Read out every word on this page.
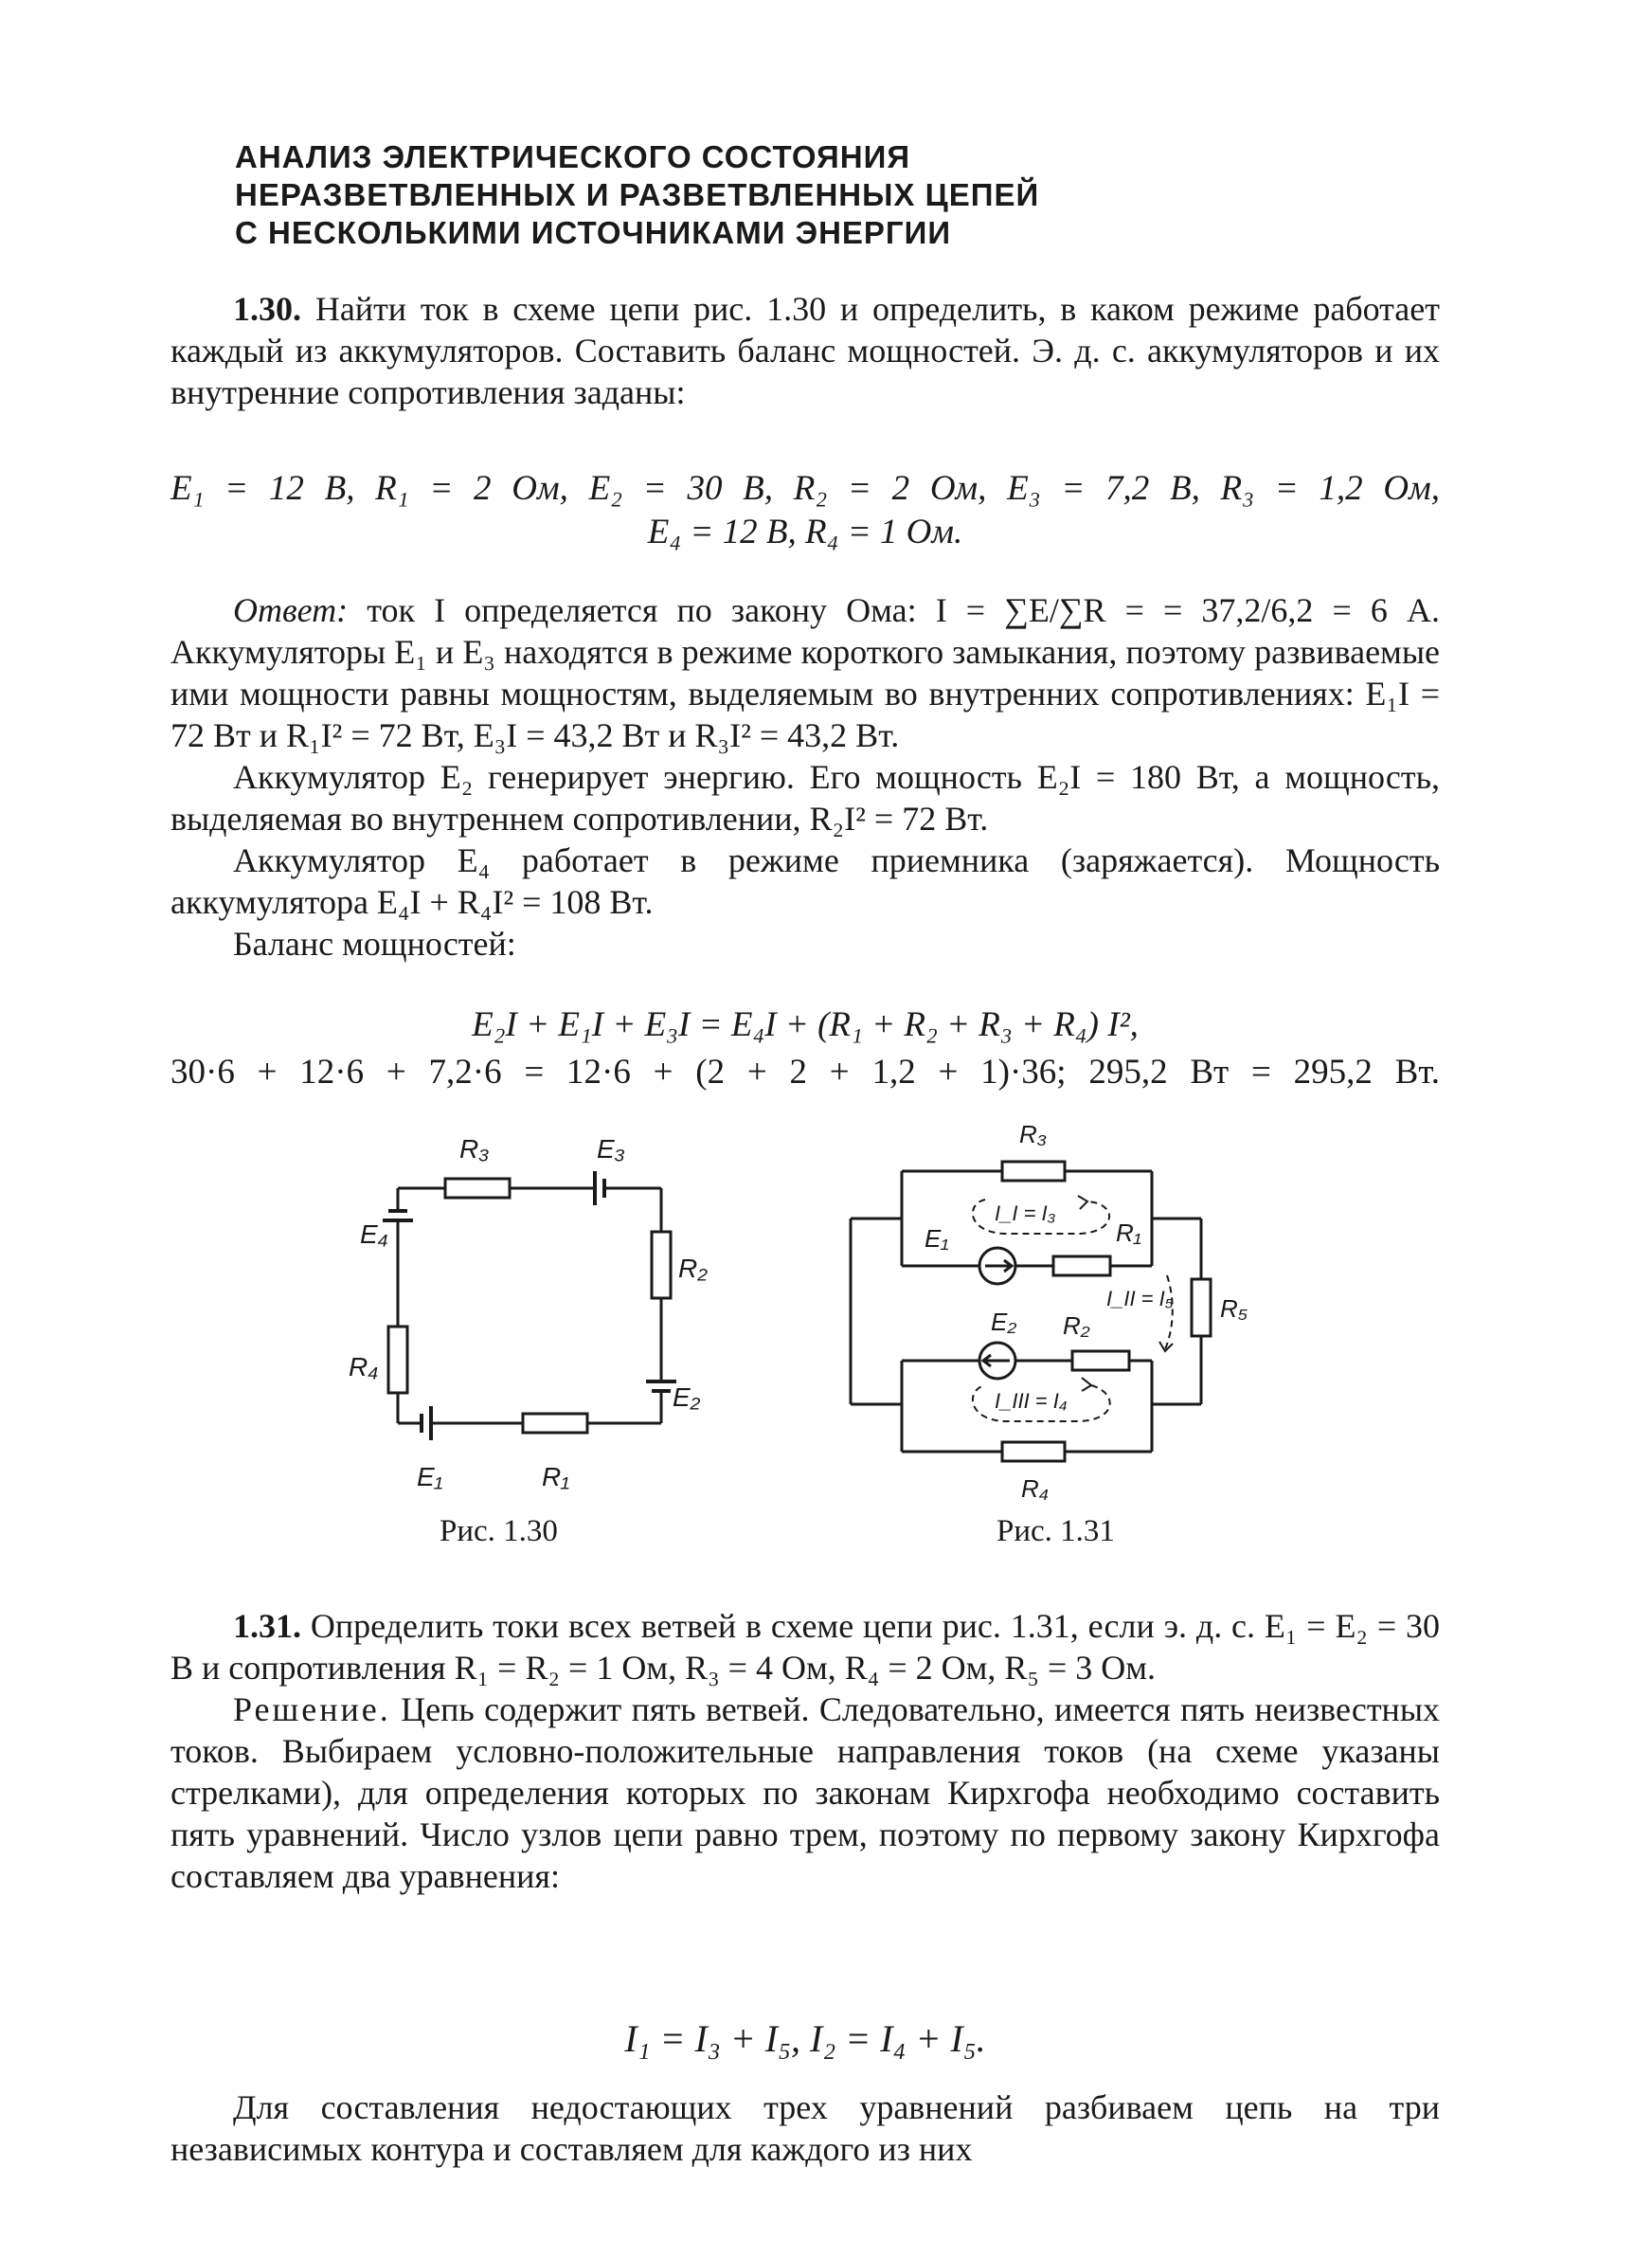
АНАЛИЗ ЭЛЕКТРИЧЕСКОГО СОСТОЯНИЯ
НЕРАЗВЕТВЛЕННЫХ И РАЗВЕТВЛЕННЫХ ЦЕПЕЙ
С НЕСКОЛЬКИМИ ИСТОЧНИКАМИ ЭНЕРГИИ

1.30. Найти ток в схеме цепи рис. 1.30 и определить, в каком режиме работает каждый из аккумуляторов. Составить баланс мощностей. Э. д. с. аккумуляторов и их внутренние сопротивления заданы:

E₁ = 12 В, R₁ = 2 Ом, E₂ = 30 В, R₂ = 2 Ом, E₃ = 7,2 В, R₃ = 1,2 Ом,
E₄ = 12 В, R₄ = 1 Ом.

Ответ: ток I определяется по закону Ома: I = ∑E/∑R = = 37,2/6,2 = 6 А. Аккумуляторы E₁ и E₃ находятся в режиме короткого замыкания, поэтому развиваемые ими мощности равны мощностям, выделяемым во внутренних сопротивлениях: E₁I = 72 Вт и R₁I² = 72 Вт, E₃I = 43,2 Вт и R₃I² = 43,2 Вт.

Аккумулятор E₂ генерирует энергию. Его мощность E₂I = 180 Вт, а мощность, выделяемая во внутреннем сопротивлении, R₂I² = 72 Вт.

Аккумулятор E₄ работает в режиме приемника (заряжается). Мощность аккумулятора E₄I + R₄I² = 108 Вт.

Баланс мощностей:

E₂I + E₁I + E₃I = E₄I + (R₁ + R₂ + R₃ + R₄) I²,
30·6 + 12·6 + 7,2·6 = 12·6 + (2 + 2 + 1,2 + 1)·36; 295,2 Вт = 295,2 Вт.
R₃	E₃
E₄
R₂
R₄
E₂
E₁	R₁
Рис. 1.30
R₃
I_I = I₃
E₁	R₁
I_II = I₅ R₅
E₂ R₂
I_III = I₄
R₄
Рис. 1.31

1.31. Определить токи всех ветвей в схеме цепи рис. 1.31, если э. д. с. E₁ = E₂ = 30 В и сопротивления R₁ = R₂ = 1 Ом, R₃ = 4 Ом, R₄ = 2 Ом, R₅ = 3 Ом.

Решение. Цепь содержит пять ветвей. Следовательно, имеется пять неизвестных токов. Выбираем условно-положительные направления токов (на схеме указаны стрелками), для определения которых по законам Кирхгофа необходимо составить пять уравнений. Число узлов цепи равно трем, поэтому по первому закону Кирхгофа составляем два уравнения:

I₁ = I₃ + I₅, I₂ = I₄ + I₅.

Для составления недостающих трех уравнений разбиваем цепь на три независимых контура и составляем для каждого из них
